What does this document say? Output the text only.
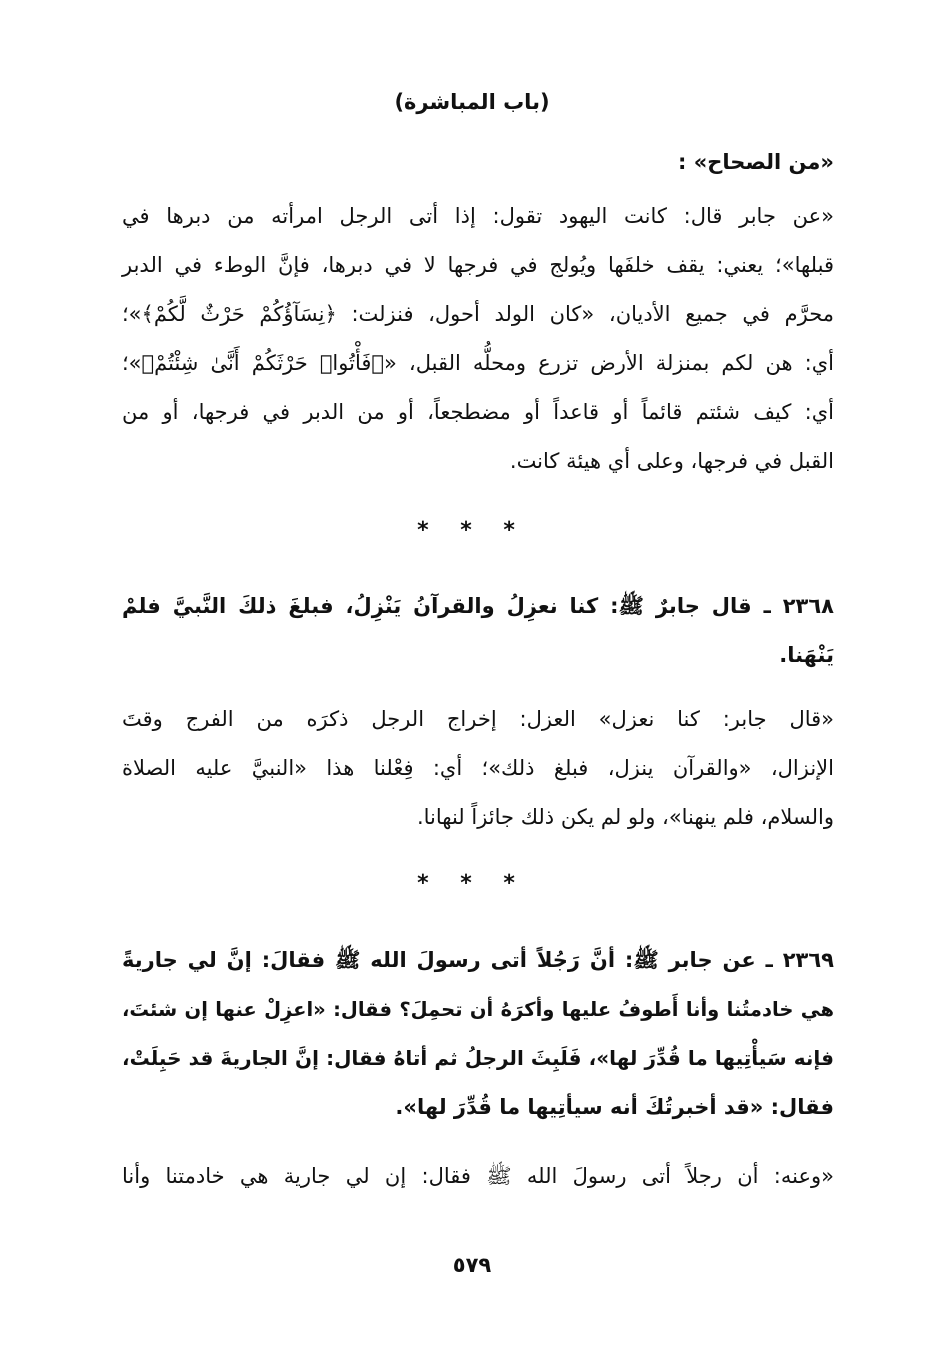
(باب المباشرة)
«من الصحاح» :
«عن جابر قال: كانت اليهود تقول: إذا أتى الرجل امرأته من دبرها في
قبلها»؛ يعني: يقف خلفَها ويُولج في فرجها لا في دبرها، فإنَّ الوطء في الدبر
محرَّم في جميع الأديان، «كان الولد أحول، فنزلت: ﴿نِسَآؤُكُمْ حَرْثٌ لَّكُمْ﴾»؛
أي: هن لكم بمنزلة الأرض تزرع ومحلُّه القبل، «﴿فَأْتُوا۟ حَرْثَكُمْ أَنَّىٰ شِئْتُمْ﴾»؛
أي: كيف شئتم قائماً أو قاعداً أو مضطجعاً، أو من الدبر في فرجها، أو من
القبل في فرجها، وعلى أي هيئة كانت.
* * *
٢٣٦٨ ـ قال جابرٌ ﷺ: كنا نعزِلُ والقرآنُ يَنْزِلُ، فبلغَ ذلكَ النَّبيَّ فلمْ
يَنْهَنا.
«قال جابر: كنا نعزل» العزل: إخراج الرجل ذكرَه من الفرج وقتَ
الإنزال، «والقرآن ينزل، فبلغ ذلك»؛ أي: فِعْلنا هذا «النبيَّ عليه الصلاة
والسلام، فلم ينهنا»، ولو لم يكن ذلك جائزاً لنهانا.
* * *
٢٣٦٩ ـ عن جابر ﷺ: أنَّ رَجُلاً أتى رسولَ الله ﷺ فقالَ: إنَّ لي جاريةً
هي خادمتُنا وأنا أَطوفُ عليها وأكرَهُ أن تحمِلَ؟ فقال: «اعزِلْ عنها إن شئتَ،
فإنه سَيأْتِيها ما قُدِّرَ لها»، فَلَبِثَ الرجلُ ثم أتاهُ فقال: إنَّ الجاريةَ قد حَبِلَتْ،
فقال: «قد أخبرتُكَ أنه سيأتِيها ما قُدِّرَ لها».
«وعنه: أن رجلاً أتى رسولَ الله ﷺ فقال: إن لي جارية هي خادمتنا وأنا
٥٧٩
